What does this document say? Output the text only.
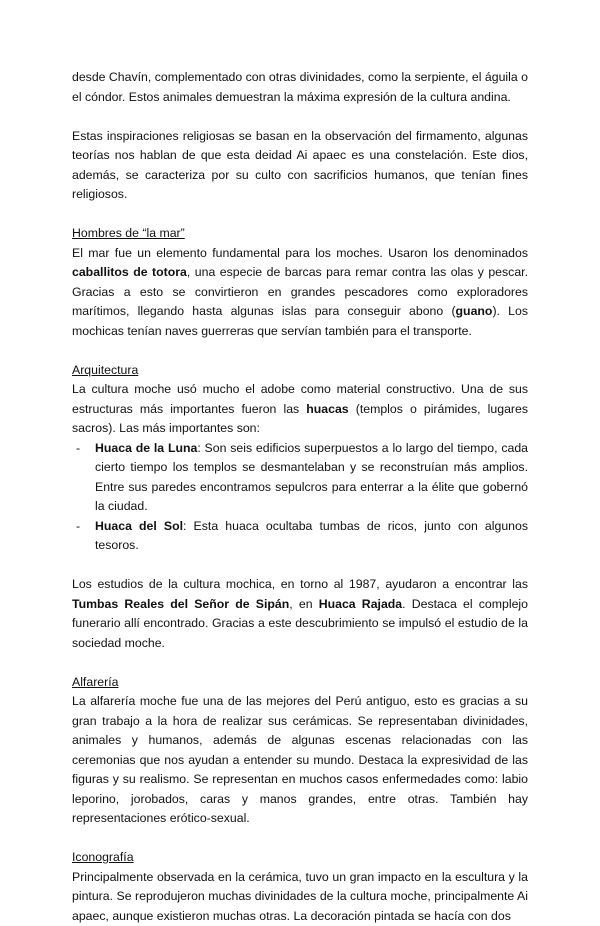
desde Chavín, complementado con otras divinidades, como la serpiente, el águila o el cóndor. Estos animales demuestran la máxima expresión de la cultura andina.

Estas inspiraciones religiosas se basan en la observación del firmamento, algunas teorías nos hablan de que esta deidad Ai apaec es una constelación. Este dios, además, se caracteriza por su culto con sacrificios humanos, que tenían fines religiosos.

Hombres de “la mar”

El mar fue un elemento fundamental para los moches. Usaron los denominados caballitos de totora, una especie de barcas para remar contra las olas y pescar. Gracias a esto se convirtieron en grandes pescadores como exploradores marítimos, llegando hasta algunas islas para conseguir abono (guano). Los mochicas tenían naves guerreras que servían también para el transporte.

Arquitectura

La cultura moche usó mucho el adobe como material constructivo. Una de sus estructuras más importantes fueron las huacas (templos o pirámides, lugares sacros). Las más importantes son:

- Huaca de la Luna: Son seis edificios superpuestos a lo largo del tiempo, cada cierto tiempo los templos se desmantelaban y se reconstruían más amplios. Entre sus paredes encontramos sepulcros para enterrar a la élite que gobernó la ciudad.
- Huaca del Sol: Esta huaca ocultaba tumbas de ricos, junto con algunos tesoros.

Los estudios de la cultura mochica, en torno al 1987, ayudaron a encontrar las Tumbas Reales del Señor de Sipán, en Huaca Rajada. Destaca el complejo funerario allí encontrado. Gracias a este descubrimiento se impulsó el estudio de la sociedad moche.

Alfarería

La alfarería moche fue una de las mejores del Perú antiguo, esto es gracias a su gran trabajo a la hora de realizar sus cerámicas. Se representaban divinidades, animales y humanos, además de algunas escenas relacionadas con las ceremonias que nos ayudan a entender su mundo. Destaca la expresividad de las figuras y su realismo. Se representan en muchos casos enfermedades como: labio leporino, jorobados, caras y manos grandes, entre otras. También hay representaciones erótico-sexual.

Iconografía

Principalmente observada en la cerámica, tuvo un gran impacto en la escultura y la pintura. Se reprodujeron muchas divinidades de la cultura moche, principalmente Ai apaec, aunque existieron muchas otras. La decoración pintada se hacía con dos
